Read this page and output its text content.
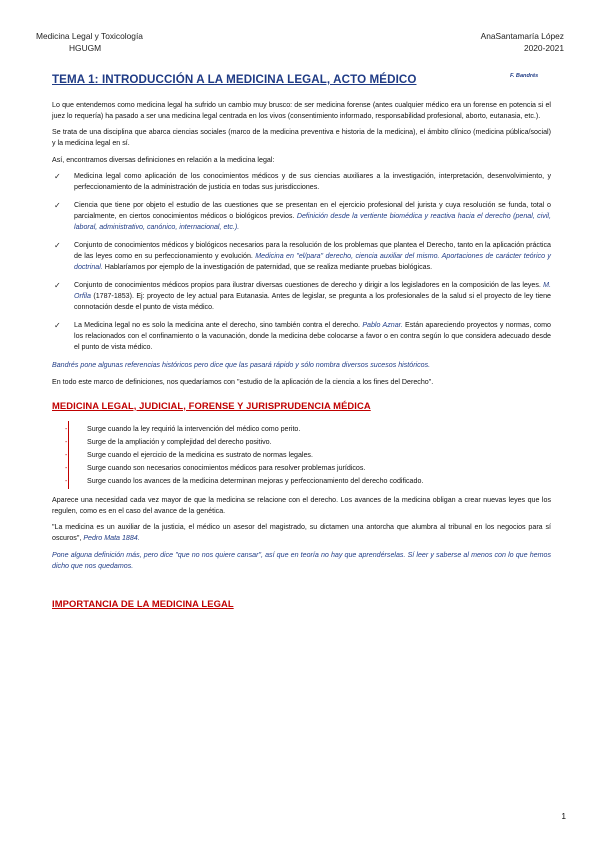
Medicina Legal y Toxicología
HGUGM
AnaSantamaría López
2020-2021
TEMA 1: INTRODUCCIÓN A LA MEDICINA LEGAL, ACTO MÉDICO	F. Bandrés

Lo que entendemos como medicina legal ha sufrido un cambio muy brusco: de ser medicina forense (antes cualquier médico era un forense en potencia si el juez lo requería) ha pasado a ser una medicina legal centrada en los vivos (consentimiento informado, responsabilidad profesional, aborto, eutanasia, etc.).

Se trata de una disciplina que abarca ciencias sociales (marco de la medicina preventiva e historia de la medicina), el ámbito clínico (medicina pública/social) y la medicina legal en sí.

Así, encontramos diversas definiciones en relación a la medicina legal:

✓ Medicina legal como aplicación de los conocimientos médicos y de sus ciencias auxiliares a la investigación, interpretación, desenvolvimiento, y perfeccionamiento de la administración de justicia en todas sus jurisdicciones.
✓ Ciencia que tiene por objeto el estudio de las cuestiones que se presentan en el ejercicio profesional del jurista y cuya resolución se funda, total o parcialmente, en ciertos conocimientos médicos o biológicos previos. Definición desde la vertiente biomédica y reactiva hacia el derecho (penal, civil, laboral, administrativo, canónico, internacional, etc.).
✓ Conjunto de conocimientos médicos y biológicos necesarios para la resolución de los problemas que plantea el Derecho, tanto en la aplicación práctica de las leyes como en su perfeccionamiento y evolución. Medicina en "el/para" derecho, ciencia auxiliar del mismo. Aportaciones de carácter teórico y doctrinal. Hablaríamos por ejemplo de la investigación de paternidad, que se realiza mediante pruebas biológicas.
✓ Conjunto de conocimientos médicos propios para ilustrar diversas cuestiones de derecho y dirigir a los legisladores en la composición de las leyes. M. Orfila (1787-1853). Ej: proyecto de ley actual para Eutanasia. Antes de legislar, se pregunta a los profesionales de la salud si el proyecto de ley tiene connotación desde el punto de vista médico.
✓ La Medicina legal no es solo la medicina ante el derecho, sino también contra el derecho. Pablo Aznar. Están apareciendo proyectos y normas, como los relacionados con el confinamiento o la vacunación, donde la medicina debe colocarse a favor o en contra según lo que considera adecuado desde el punto de vista médico.

Bandrés pone algunas referencias históricos pero dice que las pasará rápido y sólo nombra diversos sucesos históricos.

En todo este marco de definiciones, nos quedaríamos con "estudio de la aplicación de la ciencia a los fines del Derecho".

MEDICINA LEGAL, JUDICIAL, FORENSE Y JURISPRUDENCIA MÉDICA
-	Surge cuando la ley requirió la intervención del médico como perito.
-	Surge de la ampliación y complejidad del derecho positivo.
-	Surge cuando el ejercicio de la medicina es sustrato de normas legales.
-	Surge cuando son necesarios conocimientos médicos para resolver problemas jurídicos.
-	Surge cuando los avances de la medicina determinan mejoras y perfeccionamiento del derecho codificado.

Aparece una necesidad cada vez mayor de que la medicina se relacione con el derecho. Los avances de la medicina obligan a crear nuevas leyes que los regulen, como es en el caso del avance de la genética.

"La medicina es un auxiliar de la justicia, el médico un asesor del magistrado, su dictamen una antorcha que alumbra al tribunal en los negocios para sí oscuros", Pedro Mata 1884.

Pone alguna definición más, pero dice "que no nos quiere cansar", así que en teoría no hay que aprendérselas. Sí leer y saberse al menos con lo que hemos dicho que nos quedamos.

IMPORTANCIA DE LA MEDICINA LEGAL
1
